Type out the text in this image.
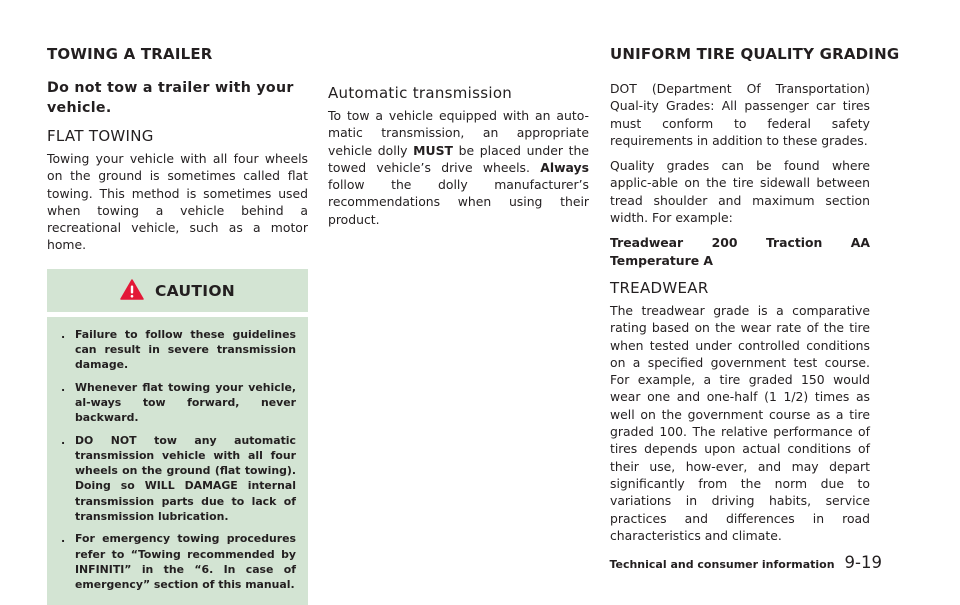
TOWING A TRAILER	UNIFORM TIRE QUALITY GRADING

Do not tow a trailer with your vehicle.

FLAT TOWING

Towing your vehicle with all four wheels on the ground is sometimes called flat towing. This method is sometimes used when towing a vehicle behind a recreational vehicle, such as a motor home.

CAUTION
. Failure to follow these guidelines can result in severe transmission damage.
. Whenever flat towing your vehicle, al-ways tow forward, never backward.
. DO NOT tow any automatic transmission vehicle with all four wheels on the ground (flat towing). Doing so WILL DAMAGE internal transmission parts due to lack of transmission lubrication.
. For emergency towing procedures refer to “Towing recommended by INFINITI” in the “6. In case of emergency” section of this manual.
Automatic transmission

To tow a vehicle equipped with an auto-matic transmission, an appropriate vehicle dolly MUST be placed under the towed vehicle’s drive wheels. Always follow the dolly manufacturer’s recommendations when using their product.

DOT (Department Of Transportation) Qual-ity Grades: All passenger car tires must conform to federal safety requirements in addition to these grades.

Quality grades can be found where applic-able on the tire sidewall between tread shoulder and maximum section width. For example:

Treadwear 200 Traction AA Temperature A

TREADWEAR

The treadwear grade is a comparative rating based on the wear rate of the tire when tested under controlled conditions on a specified government test course. For example, a tire graded 150 would wear one and one-half (1 1/2) times as well on the government course as a tire graded 100. The relative performance of tires depends upon actual conditions of their use, how-ever, and may depart significantly from the norm due to variations in driving habits, service practices and differences in road characteristics and climate.

Technical and consumer information 9-19
